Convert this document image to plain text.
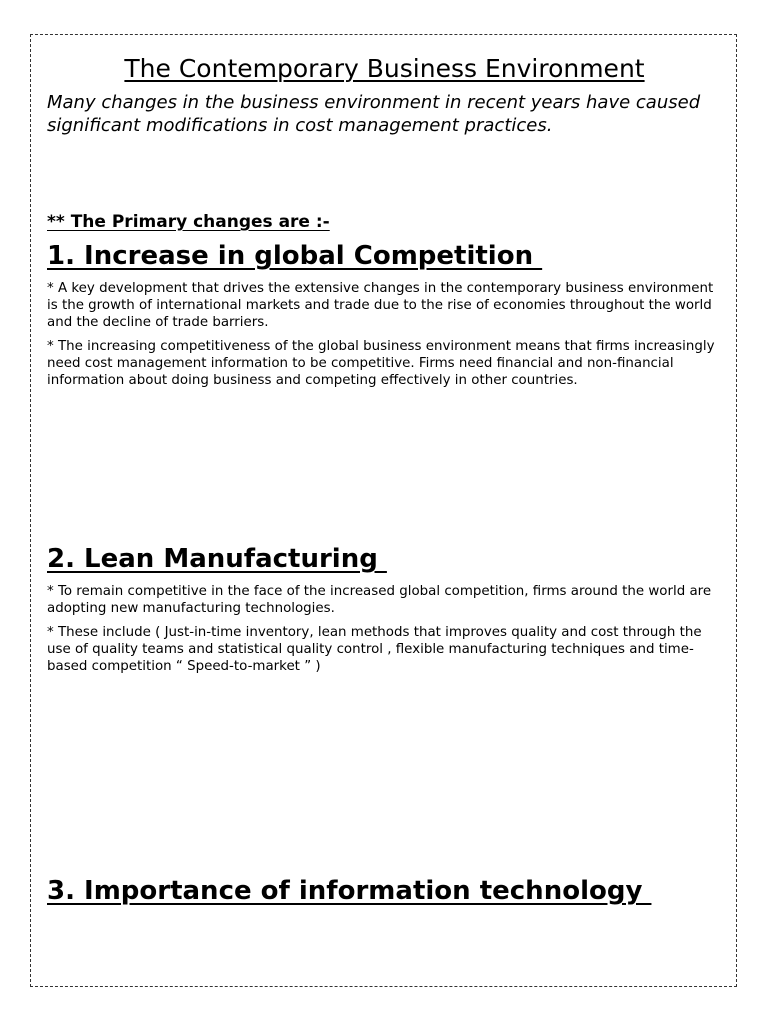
The Contemporary Business Environment

Many changes in the business environment in recent years have caused significant modifications in cost management practices.

** The Primary changes are :-

1. Increase in global Competition

* A key development that drives the extensive changes in the contemporary business environment is the growth of international markets and trade due to the rise of economies throughout the world and the decline of trade barriers.

* The increasing competitiveness of the global business environment means that firms increasingly need cost management information to be competitive. Firms need financial and non-financial information about doing business and competing effectively in other countries.

2. Lean Manufacturing

* To remain competitive in the face of the increased global competition, firms around the world are adopting new manufacturing technologies.

* These include ( Just-in-time inventory, lean methods that improves quality and cost through the use of quality teams and statistical quality control , flexible manufacturing techniques and time-based competition “ Speed-to-market ” )

3. Importance of information technology
